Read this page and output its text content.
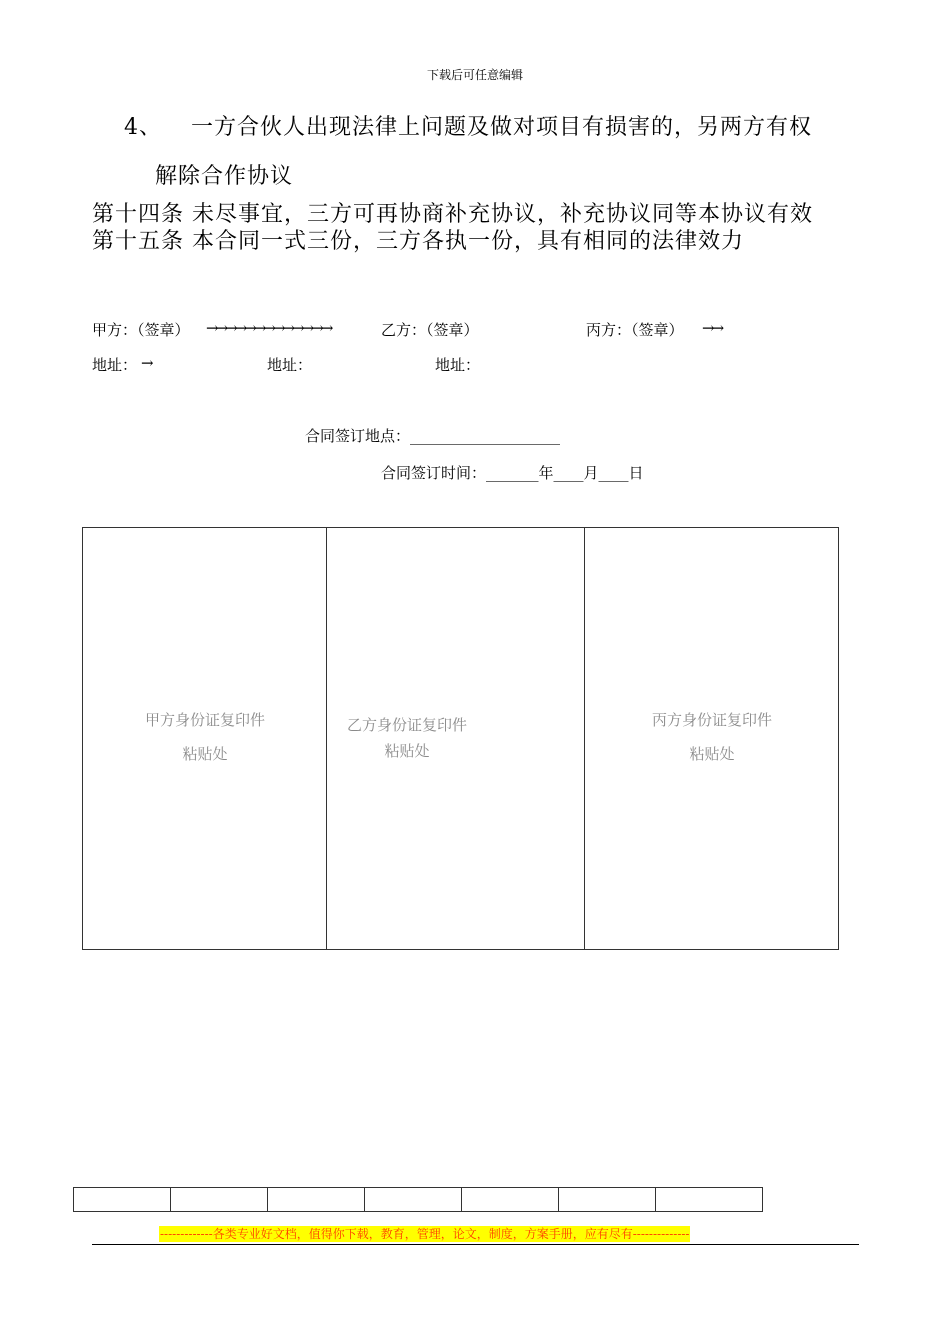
下载后可任意编辑
4、 一方合伙人出现法律上问题及做对项目有损害的，另两方有权
解除合作协议
第十四条 未尽事宜，三方可再协商补充协议，补充协议同等本协议有效
第十五条 本合同一式三份，三方各执一份，具有相同的法律效力
甲方：（签章） →→→→→→→→→→→→→	乙方：（签章）	丙方：（签章） →→
地址： →	地址：	地址：
合同签订地点：____________________
合同签订时间：_______年____月____日
甲方身份证复印件
粘贴处

乙方身份证复印件
粘贴处

丙方身份证复印件
粘贴处

-------------各类专业好文档，值得你下载，教育，管理，论文，制度，方案手册，应有尽有--------------
